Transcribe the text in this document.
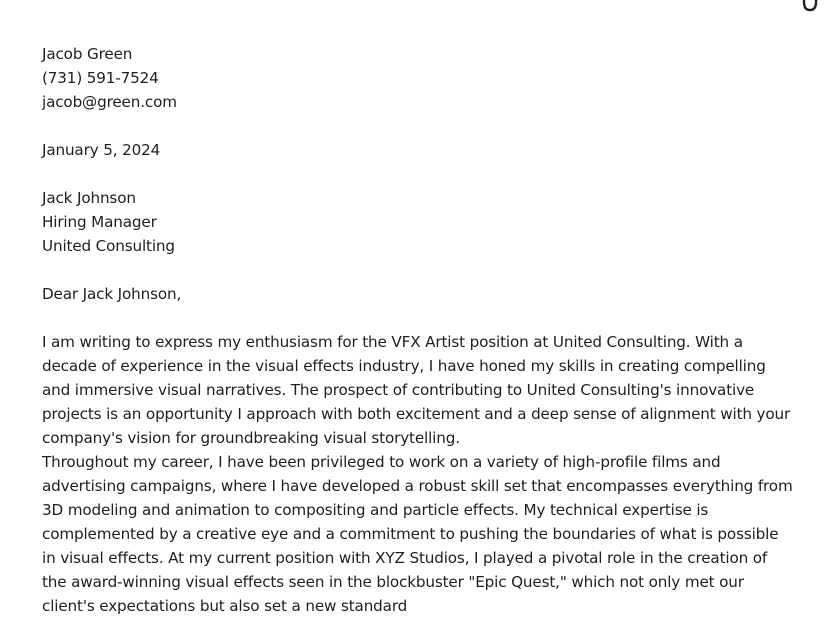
Jacob Green
(731) 591-7524
jacob@green.com
January 5, 2024
Jack Johnson
Hiring Manager
United Consulting
Dear Jack Johnson,

I am writing to express my enthusiasm for the VFX Artist position at United Consulting. With a decade of experience in the visual effects industry, I have honed my skills in creating compelling and immersive visual narratives. The prospect of contributing to United Consulting's innovative projects is an opportunity I approach with both excitement and a deep sense of alignment with your company's vision for groundbreaking visual storytelling.

Throughout my career, I have been privileged to work on a variety of high-profile films and advertising campaigns, where I have developed a robust skill set that encompasses everything from 3D modeling and animation to compositing and particle effects. My technical expertise is complemented by a creative eye and a commitment to pushing the boundaries of what is possible in visual effects. At my current position with XYZ Studios, I played a pivotal role in the creation of the award-winning visual effects seen in the blockbuster "Epic Quest," which not only met our client's expectations but also set a new standard
